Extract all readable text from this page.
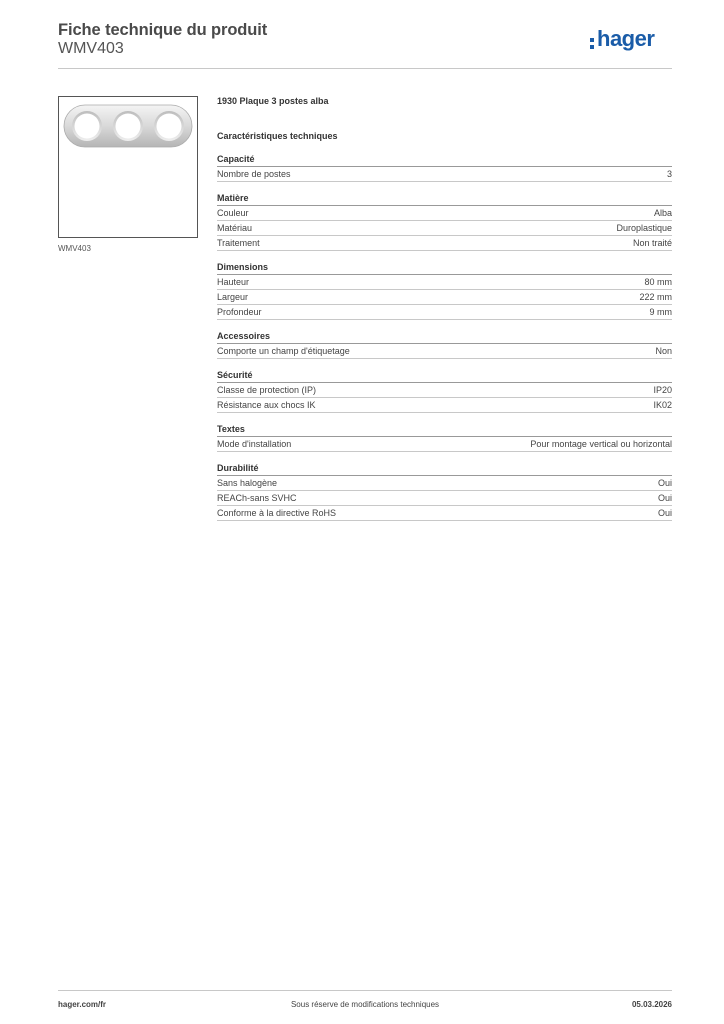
Fiche technique du produit
WMV403	hager
WMV403
1930 Plaque 3 postes alba
Caractéristiques techniques
Capacité
Nombre de postes	3
Matière
Couleur	Alba
Matériau	Duroplastique
Traitement	Non traité
Dimensions
Hauteur	80 mm
Largeur	222 mm
Profondeur	9 mm
Accessoires
Comporte un champ d'étiquetage	Non
Sécurité
Classe de protection (IP)	IP20
Résistance aux chocs IK	IK02
Textes
Mode d'installation	Pour montage vertical ou horizontal
Durabilité
Sans halogène	Oui
REACh-sans SVHC	Oui
Conforme à la directive RoHS	Oui
hager.com/fr	Sous réserve de modifications techniques	05.03.2026
